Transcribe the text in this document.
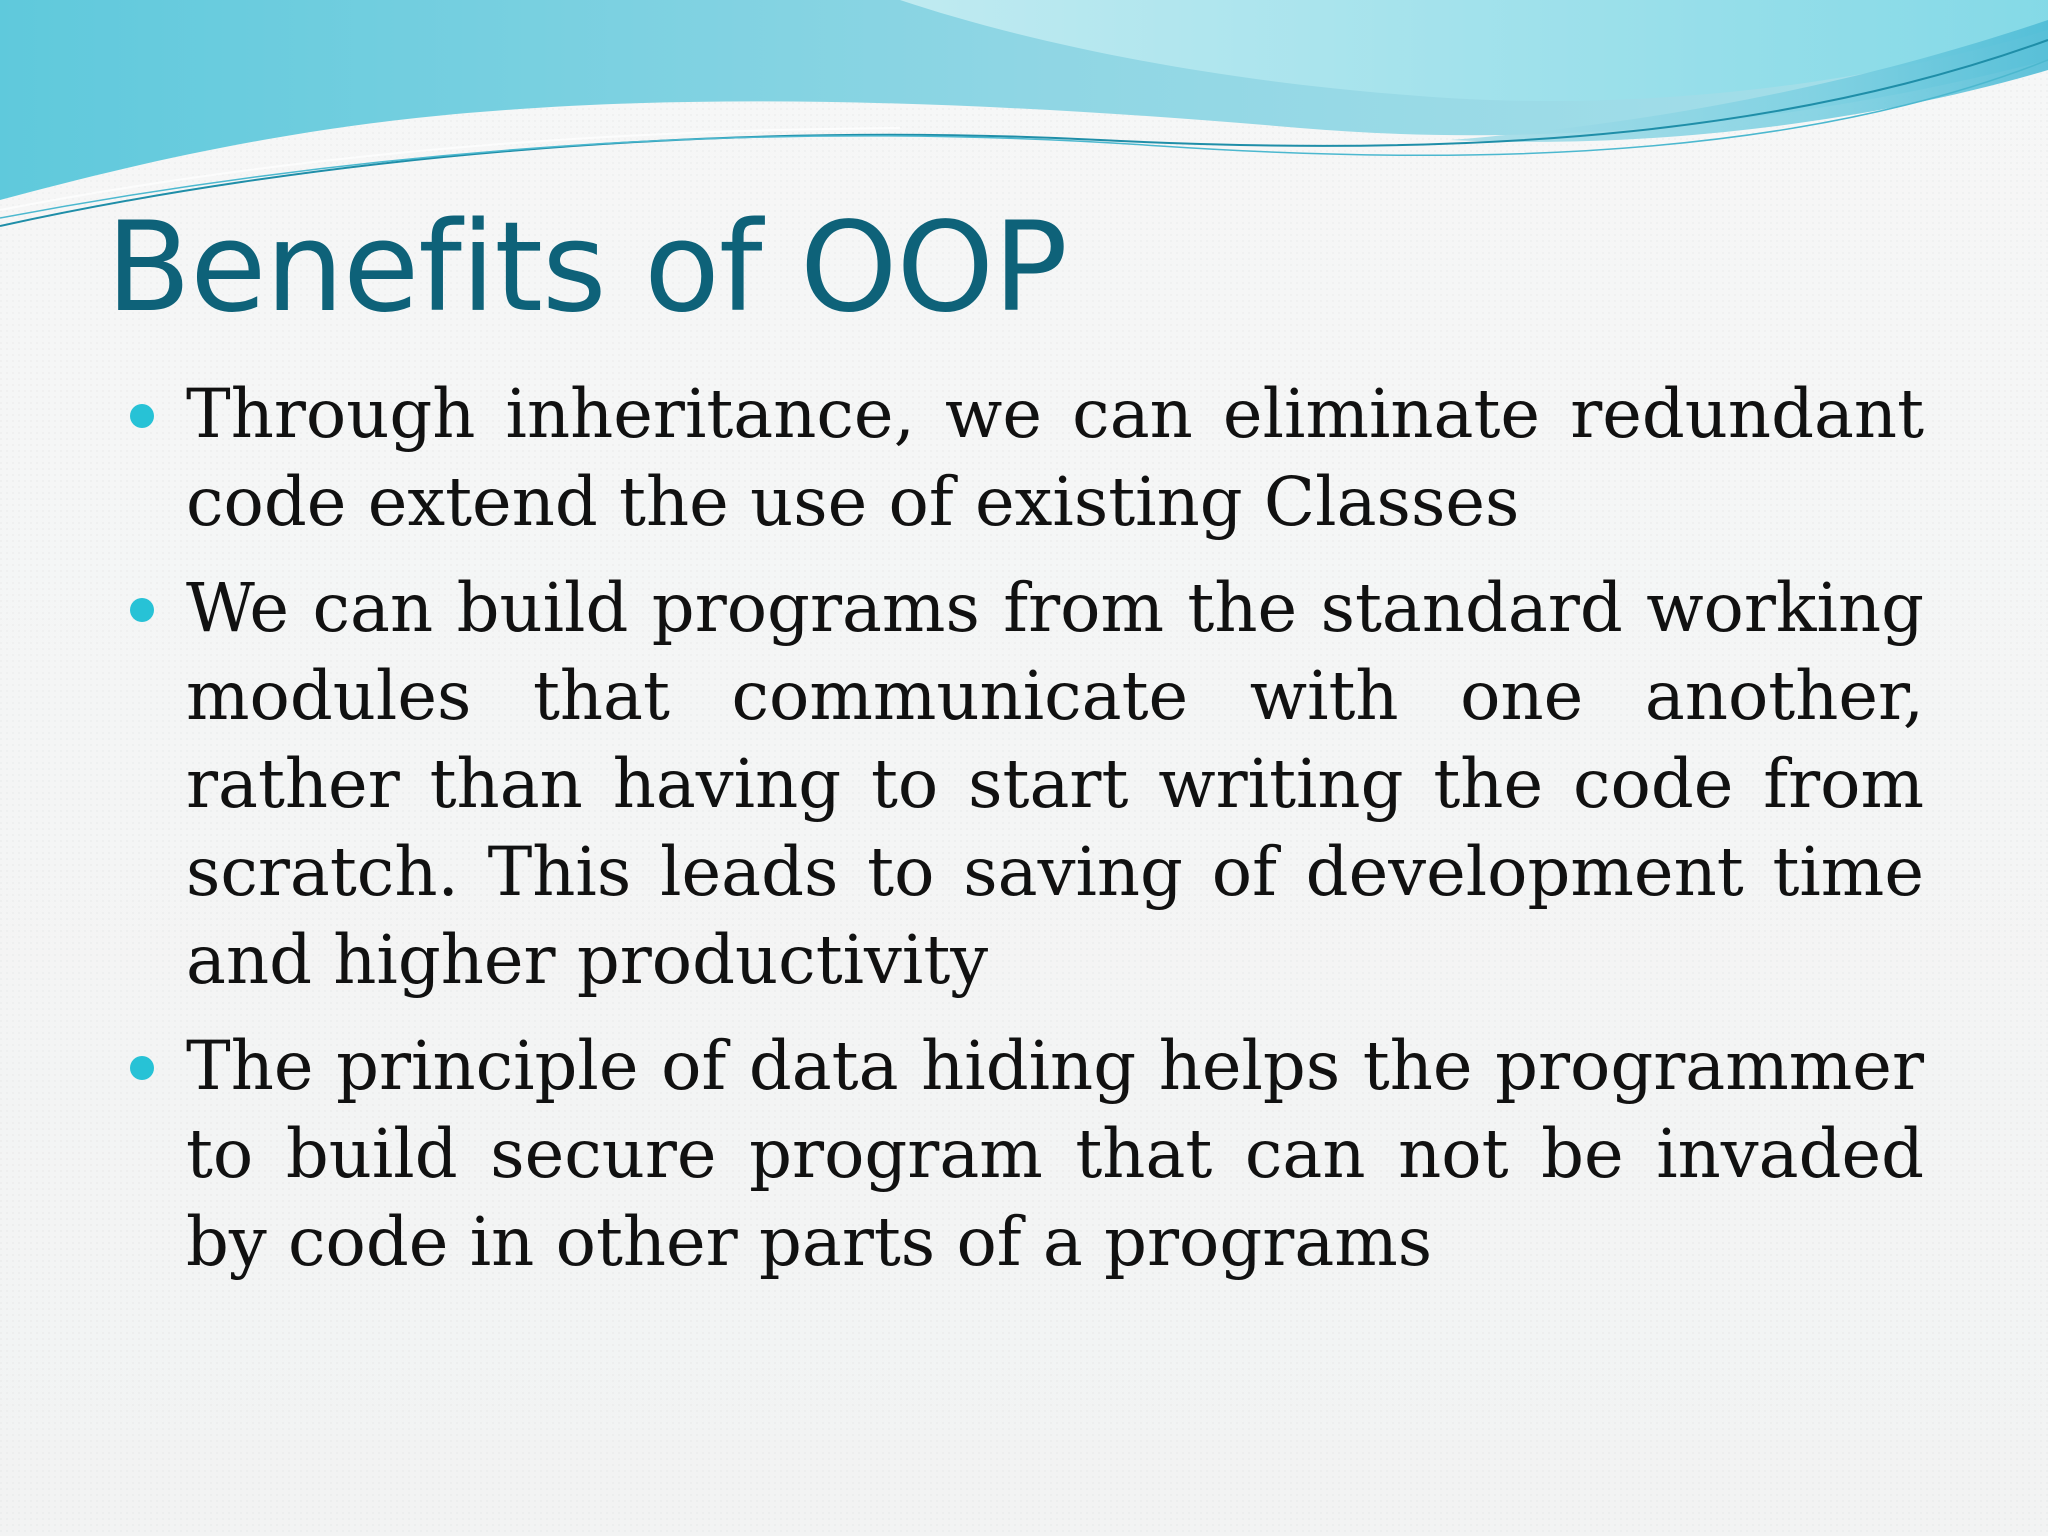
Benefits of OOP
Through inheritance, we can eliminate redundant code extend the use of existing Classes
We can build programs from the standard working modules that communicate with one another, rather than having to start writing the code from scratch. This leads to saving of development time and higher productivity
The principle of data hiding helps the programmer to build secure program that can not be invaded by code in other parts of a programs
